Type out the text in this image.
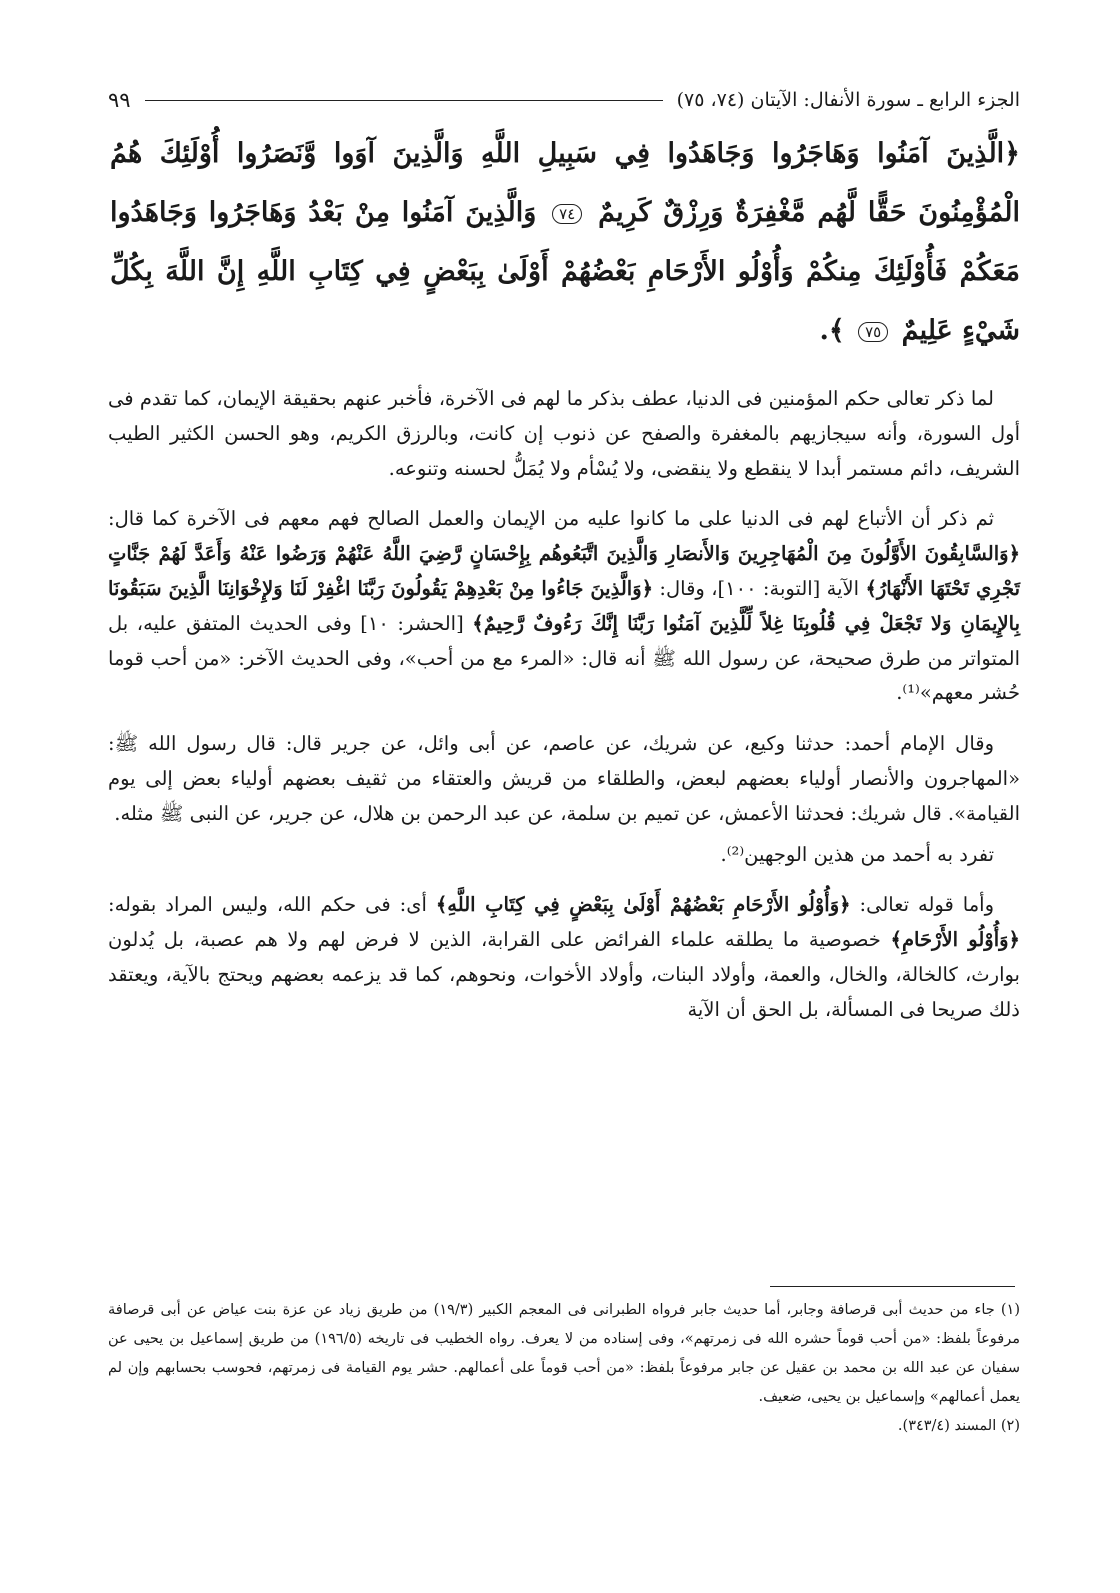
الجزء الرابع ـ سورة الأنفال: الآيتان (٧٤، ٧٥)
٩٩
﴿الَّذِينَ آمَنُوا وَهَاجَرُوا وَجَاهَدُوا فِي سَبِيلِ اللَّهِ وَالَّذِينَ آوَوا وَّنَصَرُوا أُوْلَئِكَ هُمُ الْمُؤْمِنُونَ حَقًّا لَّهُم مَّغْفِرَةٌ وَرِزْقٌ كَرِيمٌ ٧٤ وَالَّذِينَ آمَنُوا مِنْ بَعْدُ وَهَاجَرُوا وَجَاهَدُوا مَعَكُمْ فَأُوْلَئِكَ مِنكُمْ وَأُوْلُو الأَرْحَامِ بَعْضُهُمْ أَوْلَىٰ بِبَعْضٍ فِي كِتَابِ اللَّهِ إِنَّ اللَّهَ بِكُلِّ شَيْءٍ عَلِيمٌ ٧٥ ﴾.

لما ذكر تعالى حكم المؤمنين فى الدنيا، عطف بذكر ما لهم فى الآخرة، فأخبر عنهم بحقيقة الإيمان، كما تقدم فى أول السورة، وأنه سيجازيهم بالمغفرة والصفح عن ذنوب إن كانت، وبالرزق الكريم، وهو الحسن الكثير الطيب الشريف، دائم مستمر أبدا لا ينقطع ولا ينقضى، ولا يُسْأم ولا يُمَلُّ لحسنه وتنوعه.

ثم ذكر أن الأتباع لهم فى الدنيا على ما كانوا عليه من الإيمان والعمل الصالح فهم معهم فى الآخرة كما قال: ﴿وَالسَّابِقُونَ الأَوَّلُونَ مِنَ الْمُهَاجِرِينَ وَالأَنصَارِ وَالَّذِينَ اتَّبَعُوهُم بِإِحْسَانٍ رَّضِيَ اللَّهُ عَنْهُمْ وَرَضُوا عَنْهُ وَأَعَدَّ لَهُمْ جَنَّاتٍ تَجْرِي تَحْتَهَا الأَنْهَارُ﴾ الآية [التوبة: ١٠٠]، وقال: ﴿وَالَّذِينَ جَاءُوا مِنْ بَعْدِهِمْ يَقُولُونَ رَبَّنَا اغْفِرْ لَنَا وَلإِخْوَانِنَا الَّذِينَ سَبَقُونَا بِالإِيمَانِ وَلا تَجْعَلْ فِي قُلُوبِنَا غِلاً لِّلَّذِينَ آمَنُوا رَبَّنَا إِنَّكَ رَءُوفٌ رَّحِيمٌ﴾ [الحشر: ١٠] وفى الحديث المتفق عليه، بل المتواتر من طرق صحيحة، عن رسول الله ﷺ أنه قال: «المرء مع من أحب»، وفى الحديث الآخر: «من أحب قوما حُشر معهم»⁽¹⁾.

وقال الإمام أحمد: حدثنا وكيع، عن شريك، عن عاصم، عن أبى وائل، عن جرير قال: قال رسول الله ﷺ: «المهاجرون والأنصار أولياء بعضهم لبعض، والطلقاء من قريش والعتقاء من ثقيف بعضهم أولياء بعض إلى يوم القيامة». قال شريك: فحدثنا الأعمش، عن تميم بن سلمة، عن عبد الرحمن بن هلال، عن جرير، عن النبى ﷺ مثله.

تفرد به أحمد من هذين الوجهين⁽²⁾.

وأما قوله تعالى: ﴿وَأُوْلُو الأَرْحَامِ بَعْضُهُمْ أَوْلَىٰ بِبَعْضٍ فِي كِتَابِ اللَّهِ﴾ أى: فى حكم الله، وليس المراد بقوله: ﴿وَأُوْلُو الأَرْحَامِ﴾ خصوصية ما يطلقه علماء الفرائض على القرابة، الذين لا فرض لهم ولا هم عصبة، بل يُدلون بوارث، كالخالة، والخال، والعمة، وأولاد البنات، وأولاد الأخوات، ونحوهم، كما قد يزعمه بعضهم ويحتج بالآية، ويعتقد ذلك صريحا فى المسألة، بل الحق أن الآية

(١) جاء من حديث أبى قرصافة وجابر، أما حديث جابر فرواه الطبرانى فى المعجم الكبير (١٩/٣) من طريق زياد عن عزة بنت عياض عن أبى قرصافة مرفوعاً بلفظ: «من أحب قوماً حشره الله فى زمرتهم»، وفى إسناده من لا يعرف. رواه الخطيب فى تاريخه (١٩٦/٥) من طريق إسماعيل بن يحيى عن سفيان عن عبد الله بن محمد بن عقيل عن جابر مرفوعاً بلفظ: «من أحب قوماً على أعمالهم. حشر يوم القيامة فى زمرتهم، فحوسب بحسابهم وإن لم يعمل أعمالهم» وإسماعيل بن يحيى، ضعيف.

(٢) المسند (٣٤٣/٤).
